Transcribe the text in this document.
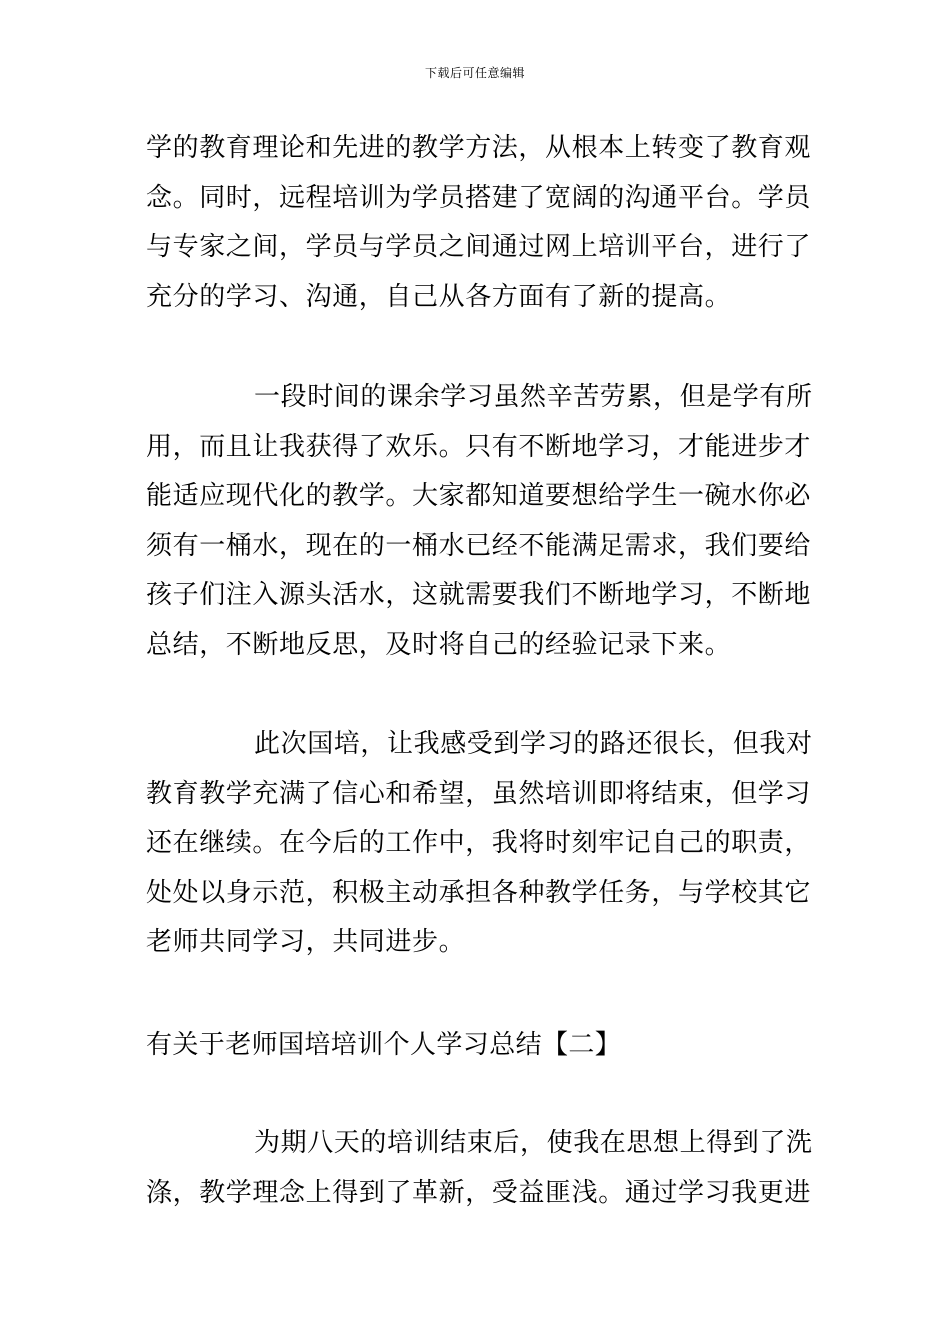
下载后可任意编辑
学的教育理论和先进的教学方法，从根本上转变了教育观
念。同时，远程培训为学员搭建了宽阔的沟通平台。学员
与专家之间，学员与学员之间通过网上培训平台，进行了
充分的学习、沟通，自己从各方面有了新的提高。
一段时间的课余学习虽然辛苦劳累，但是学有所
用，而且让我获得了欢乐。只有不断地学习，才能进步才
能适应现代化的教学。大家都知道要想给学生一碗水你必
须有一桶水，现在的一桶水已经不能满足需求，我们要给
孩子们注入源头活水，这就需要我们不断地学习，不断地
总结，不断地反思，及时将自己的经验记录下来。
此次国培，让我感受到学习的路还很长，但我对
教育教学充满了信心和希望，虽然培训即将结束，但学习
还在继续。在今后的工作中，我将时刻牢记自己的职责，
处处以身示范，积极主动承担各种教学任务，与学校其它
老师共同学习，共同进步。
有关于老师国培培训个人学习总结【二】
为期八天的培训结束后，使我在思想上得到了洗
涤，教学理念上得到了革新，受益匪浅。通过学习我更进
